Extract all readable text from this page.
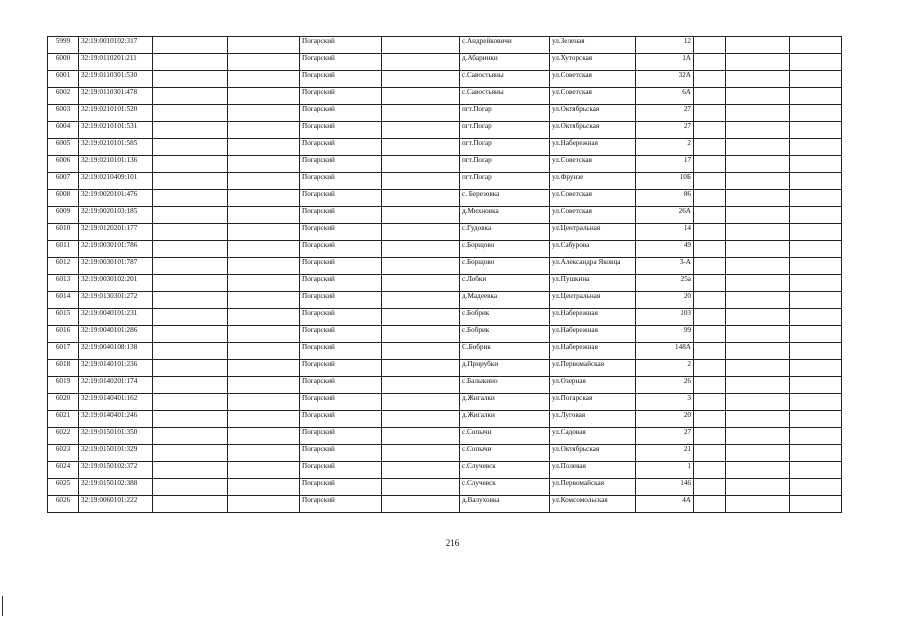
5999	32:19:0010102:317			Погарский		с.Андрейковичи	ул.Зеленая	12			
6000	32:19:0110201:211			Погарский		д.Абаринки	ул.Хуторская	1А			
6001	32:19:0110301:530			Погарский		с.Савостьяны	ул.Советская	32А			
6002	32:19:0110301:478			Погарский		с.Савостьяны	ул.Советская	6А			
6003	32:19:0210101:520			Погарский		пгт.Погар	ул.Октябрьская	27			
6004	32:19:0210101:531			Погарский		пгт.Погар	ул.Октябрьская	27			
6005	32:19:0210101:585			Погарский		пгт.Погар	ул.Набережная	2			
6006	32:19:0210101:136			Погарский		пгт.Погар	ул.Советская	17			
6007	32:19:0210409:101			Погарский		пгт.Погар	ул.Фрунзе	10Б			
6008	32:19:0020101:476			Погарский		с. Березовка	ул.Советская	86			
6009	32:19:0020103:185			Погарский		д.Михновка	ул.Советская	26А			
6010	32:19:0120201:177			Погарский		с.Гудовка	ул.Центральная	14			
6011	32:19:0030101:786			Погарский		с.Борщово	ул.Сабурова	49			
6012	32:19:0030101:787			Погарский		с.Борщово	ул.Александра Яковца	3-А			
6013	32:19:0030102:201			Погарский		с.Лобки	ул.Пушкина	25а			
6014	32:19:0130301:272			Погарский		д.Мадеевка	ул.Центральная	20			
6015	32:19:0040101:231			Погарский		с.Бобрик	ул.Набережная	103			
6016	32:19:0040101:286			Погарский		с.Бобрик	ул.Набережная	99			
6017	32:19:0040108:138			Погарский		С.Бобрик	ул.Набережная	148А			
6018	32:19:0140101:236			Погарский		д.Прирубки	ул.Первомайская	2			
6019	32:19:0140201:174			Погарский		с.Балыкино	ул.Озерная	26			
6020	32:19:0140401:162			Погарский		д.Жигалки	ул.Погарская	3			
6021	32:19:0140401:246			Погарский		д.Жигалки	ул.Луговая	20			
6022	32:19:0150101:350			Погарский		с.Сопычи	ул.Садовая	27			
6023	32:19:0150101:329			Погарский		с.Сопычи	ул.Октябрьская	21			
6024	32:19:0150102:372			Погарский		с.Случевск	ул.Полевая	1			
6025	32:19:0150102:388			Погарский		с.Случевск	ул.Первомайская	146			
6026	32:19:0060101:222			Погарский		д.Валуховка	ул.Комсомольская	4А			
216
